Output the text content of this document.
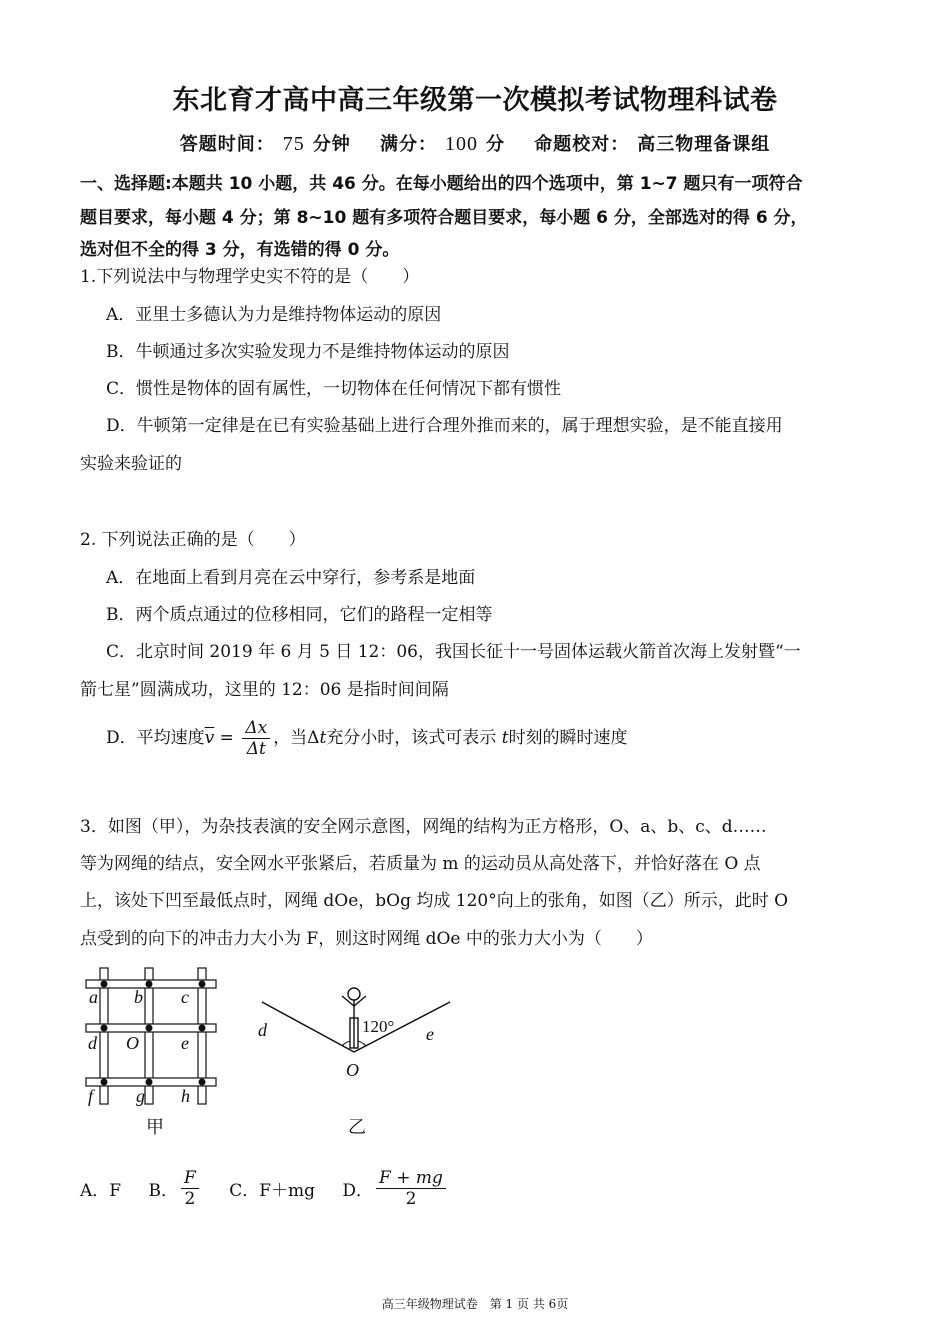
东北育才高中高三年级第一次模拟考试物理科试卷
答题时间： 75 分钟 满分： 100 分 命题校对： 高三物理备课组
一、选择题:本题共 10 小题，共 46 分。在每小题给出的四个选项中，第 1~7 题只有一项符合
题目要求，每小题 4 分；第 8~10 题有多项符合题目要求，每小题 6 分，全部选对的得 6 分，
选对但不全的得 3 分，有选错的得 0 分。
1.下列说法中与物理学史实不符的是（　　）
A．亚里士多德认为力是维持物体运动的原因
B．牛顿通过多次实验发现力不是维持物体运动的原因
C．惯性是物体的固有属性，一切物体在任何情况下都有惯性
D．牛顿第一定律是在已有实验基础上进行合理外推而来的，属于理想实验，是不能直接用
实验来验证的
2. 下列说法正确的是（　　）
A．在地面上看到月亮在云中穿行，参考系是地面
B．两个质点通过的位移相同，它们的路程一定相等
C．北京时间 2019 年 6 月 5 日 12：06，我国长征十一号固体运载火箭首次海上发射暨“一
箭七星”圆满成功，这里的 12：06 是指时间间隔
D．平均速度$\overline{v} = \frac{\Delta x}{\Delta t}$ ，当Δt充分小时，该式可表示 t时刻的瞬时速度
3．如图（甲），为杂技表演的安全网示意图，网绳的结构为正方格形，O、a、b、c、d……
等为网绳的结点，安全网水平张紧后，若质量为 m 的运动员从高处落下，并恰好落在 O 点
上，该处下凹至最低点时，网绳 dOe，bOg 均成 120°向上的张角，如图（乙）所示，此时 O
点受到的向下的冲击力大小为 F，则这时网绳 dOe 中的张力大小为（　　）
a b c
d O e
f g h
甲
120°
d	e
O
乙
A．F B． $\frac{F}{2}$ C．F＋mg D． $\frac{F + mg}{2}$
高三年级物理试卷　第 1 页 共 6页
